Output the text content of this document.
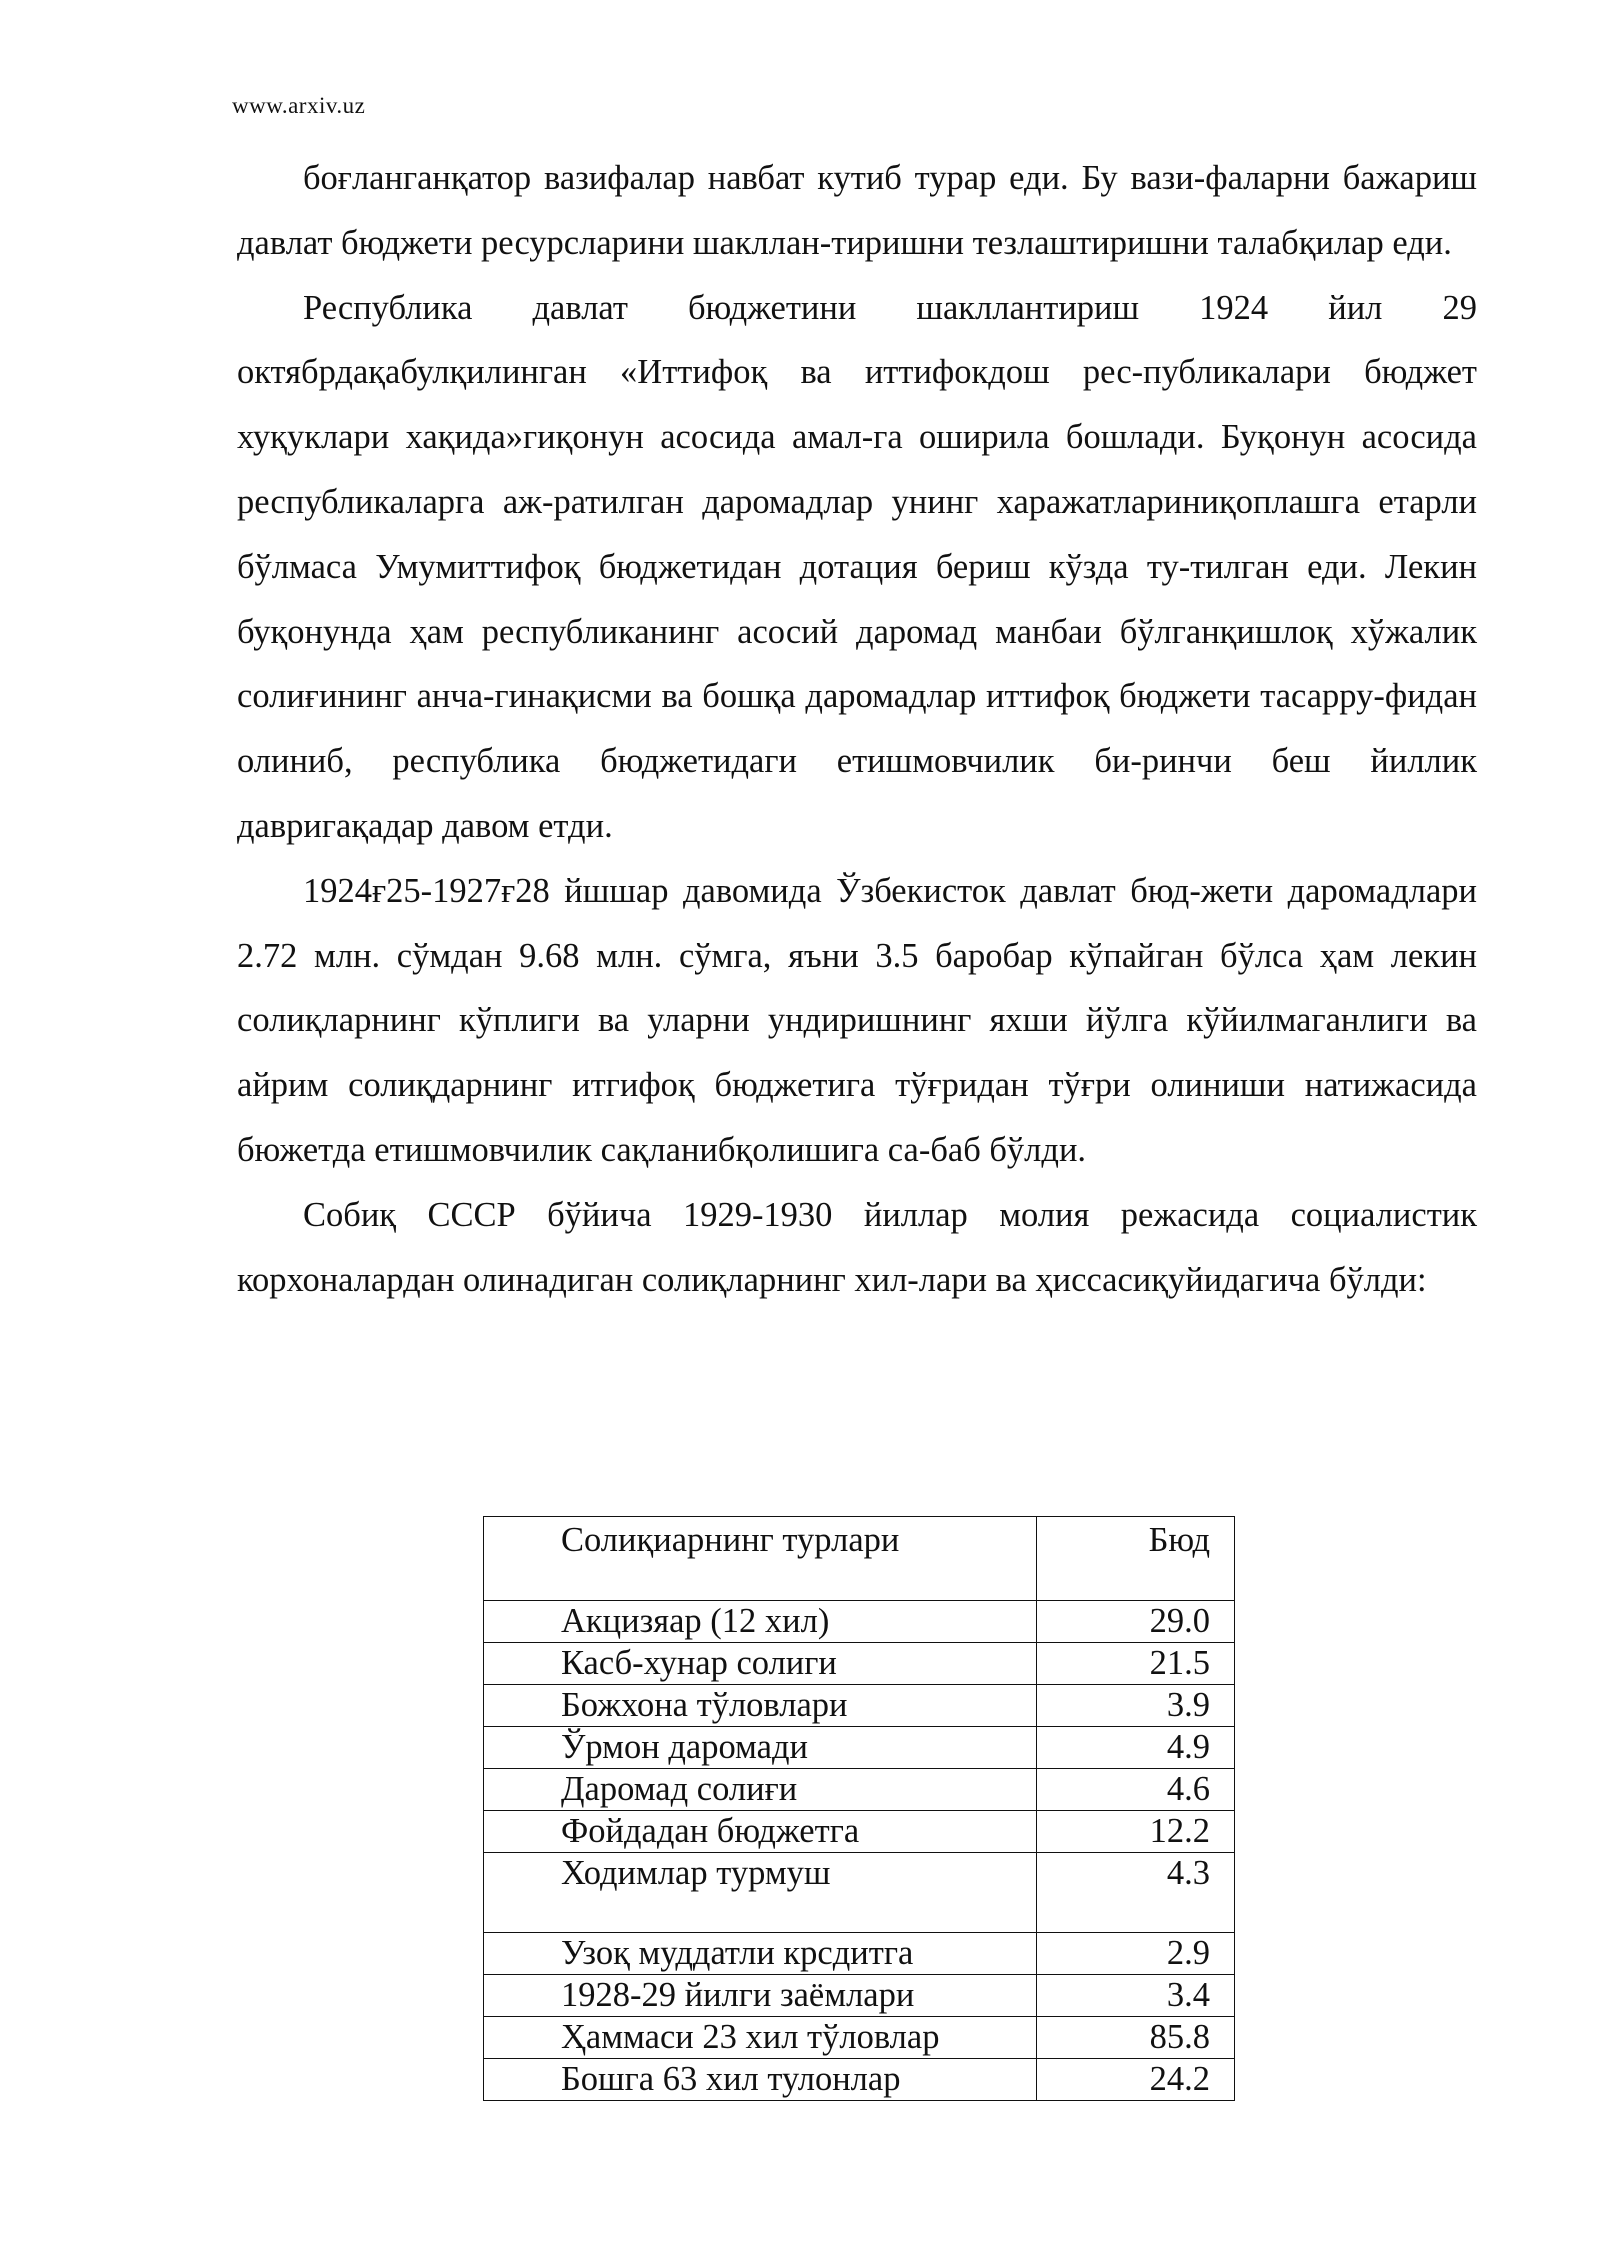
www.arxiv.uz

боғланганқатор вазифалар навбат кутиб турар еди. Бу вази-фаларни бажариш давлат бюджети ресурсларини шакллан-тиришни тезлаштиришни талабқилар еди.

Республика давлат бюджетини шакллантириш 1924 йил 29 октябрдақабулқилинган «Иттифоқ ва иттифокдош рес-публикалари бюджет хуқуклари хақида»гиқонун асосида амал-га оширила бошлади. Буқонун асосида республикаларга аж-ратилган даромадлар унинг харажатлариниқоплашга етарли бўлмаса Умумиттифоқ бюджетидан дотация бериш кўзда ту-тилган еди. Лекин буқонунда ҳам республиканинг асосий даромад манбаи бўлганқишлоқ хўжалик солиғининг анча-гинақисми ва бошқа даромадлар иттифоқ бюджети тасарру-фидан олиниб, республика бюджетидаги етишмовчилик би-ринчи беш йиллик давригақадар давом етди.

1924ғ25-1927ғ28 йшшар давомида Ўзбекисток давлат бюд-жети даромадлари 2.72 млн. сўмдан 9.68 млн. сўмга, яъни 3.5 баробар кўпайган бўлса ҳам лекин солиқларнинг кўплиги ва уларни ундиришнинг яхши йўлга кўйилмаганлиги ва айрим солиқдарнинг итгифоқ бюджетига тўғридан тўғри олиниши натижасида бюжетда етишмовчилик сақланибқолишига са-баб бўлди.

Собиқ СССР бўйича 1929-1930 йиллар молия режасида социалистик корхоналардан олинадиган солиқларнинг хил-лари ва ҳиссасиқуйидагича бўлди:

Солиқиарнинг турлари	Бюд
Акцизяар (12 хил)	29.0
Касб-хунар солиги	21.5
Божхона тўловлари	3.9
Ўрмон даромади	4.9
Даромад солиғи	4.6
Фойдадан бюджетга	12.2
Ходимлар турмуш	4.3
Узоқ муддатли крсдитга	2.9
1928-29 йилги заёмлари	3.4
Ҳаммаси 23 хил тўловлар	85.8
Бошга 63 хил тулонлар	24.2
